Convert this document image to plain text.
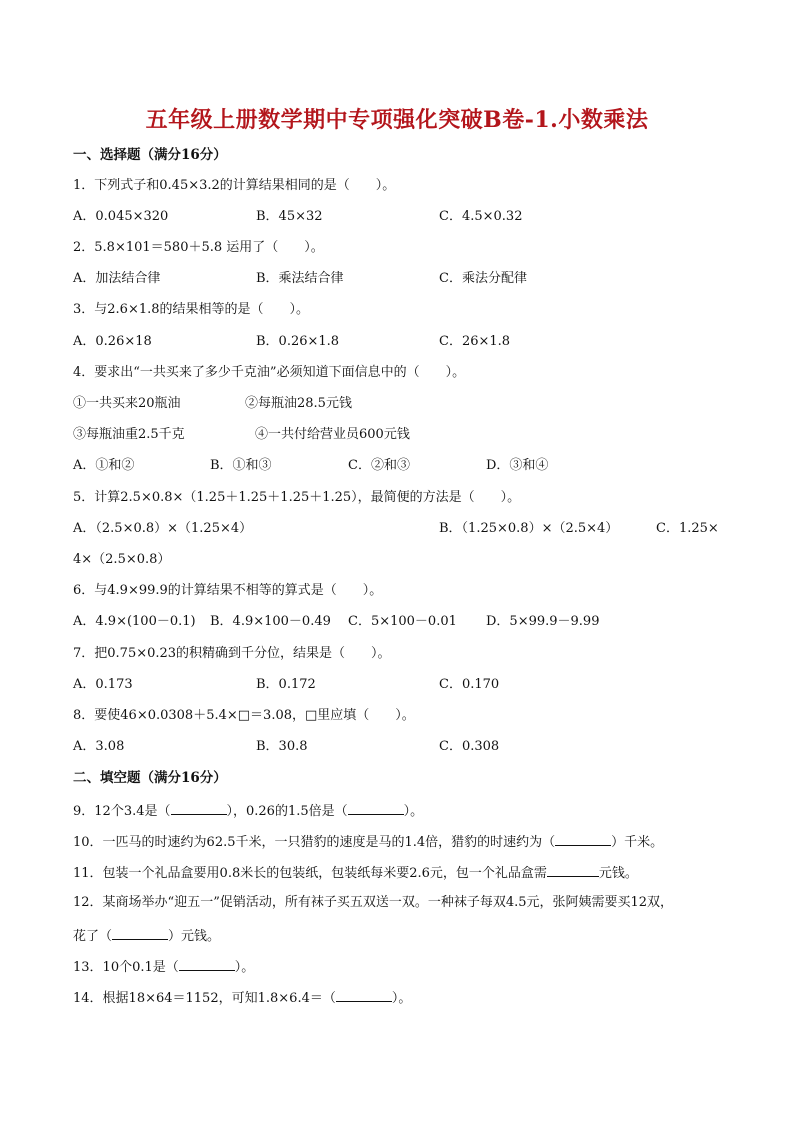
五年级上册数学期中专项强化突破B卷-1.小数乘法
一、选择题（满分16分）
1．下列式子和0.45×3.2的计算结果相同的是（　　）。
A．0.045×320	B．45×32	C．4.5×0.32
2．5.8×101＝580＋5.8 运用了（　　）。
A．加法结合律	B．乘法结合律	C．乘法分配律
3．与2.6×1.8的结果相等的是（　　）。
A．0.26×18	B．0.26×1.8	C．26×1.8
4．要求出“一共买来了多少千克油”必须知道下面信息中的（　　）。
①一共买来20瓶油	②每瓶油28.5元钱
③每瓶油重2.5千克	④一共付给营业员600元钱
A．①和②	B．①和③	C．②和③	D．③和④
5．计算2.5×0.8×（1.25＋1.25＋1.25＋1.25），最简便的方法是（　　）。
A．（2.5×0.8）×（1.25×4）	B．（1.25×0.8）×（2.5×4）	C．1.25×
4×（2.5×0.8）
6．与4.9×99.9的计算结果不相等的算式是（　　）。
A．4.9×(100－0.1) B．4.9×100－0.49 C．5×100－0.01 D．5×99.9－9.99
7．把0.75×0.23的积精确到千分位，结果是（　　）。
A．0.173	B．0.172	C．0.170
8．要使46×0.0308＋5.4×□＝3.08，□里应填（　　）。
A．3.08	B．30.8	C．0.308
二、填空题（满分16分）
9．12个3.4是（	），0.26的1.5倍是（	）。
10．一匹马的时速约为62.5千米，一只猎豹的速度是马的1.4倍，猎豹的时速约为（	）千米。
11．包装一个礼品盒要用0.8米长的包装纸，包装纸每米要2.6元，包一个礼品盒需	元钱。
12．某商场举办“迎五一”促销活动，所有袜子买五双送一双。一种袜子每双4.5元，张阿姨需要买12双，
花了（	）元钱。
13．10个0.1是（	）。
14．根据18×64＝1152，可知1.8×6.4＝（	）。
